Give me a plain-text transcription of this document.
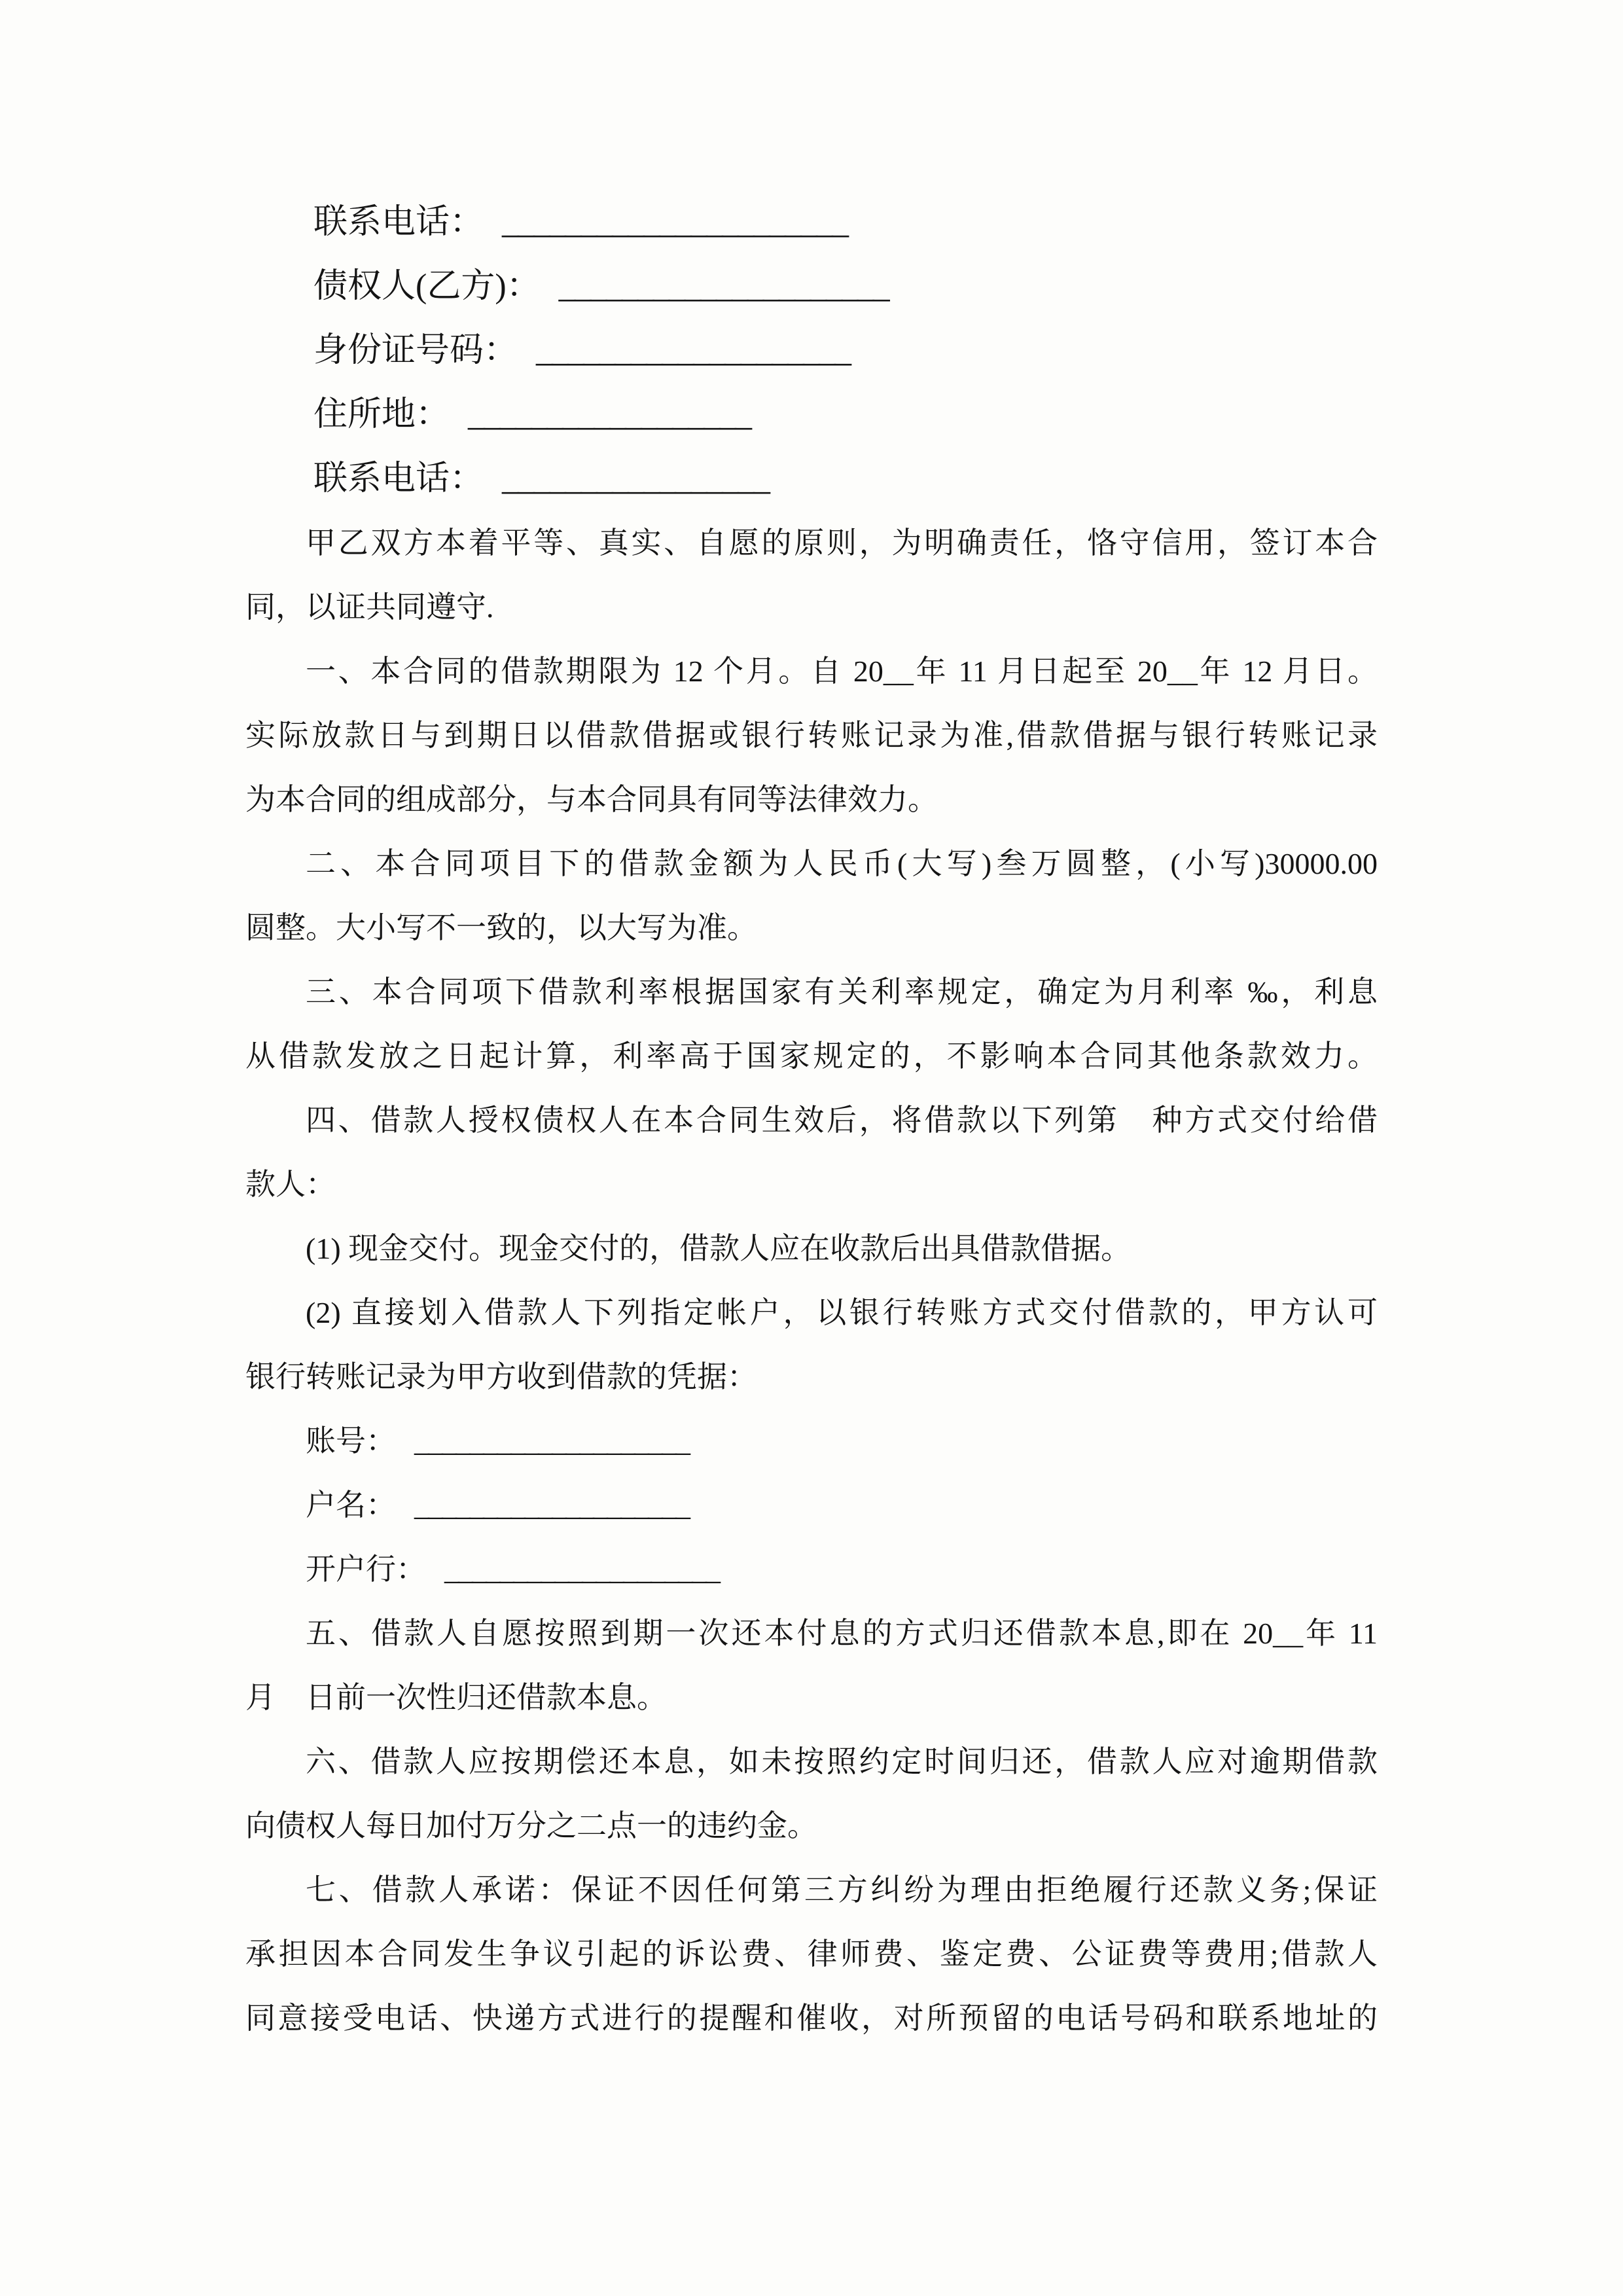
联系电话： ______________________
债权人(乙方)： _____________________
身份证号码： ____________________
住所地： __________________
联系电话： _________________
甲乙双方本着平等、真实、自愿的原则，为明确责任，恪守信用，签订本合
同，以证共同遵守.
一、本合同的借款期限为 12 个月。自 20__年 11 月日起至 20__年 12 月日。
实际放款日与到期日以借款借据或银行转账记录为准,借款借据与银行转账记录
为本合同的组成部分，与本合同具有同等法律效力。
二、本合同项目下的借款金额为人民币(大写)叁万圆整，(小写)30000.00
圆整。大小写不一致的，以大写为准。
三、本合同项下借款利率根据国家有关利率规定，确定为月利率 ‰，利息
从借款发放之日起计算，利率高于国家规定的，不影响本合同其他条款效力。
四、借款人授权债权人在本合同生效后，将借款以下列第　种方式交付给借
款人：
(1) 现金交付。现金交付的，借款人应在收款后出具借款借据。
(2) 直接划入借款人下列指定帐户，以银行转账方式交付借款的，甲方认可
银行转账记录为甲方收到借款的凭据：
账号： ____________________
户名： ____________________
开户行： ____________________
五、借款人自愿按照到期一次还本付息的方式归还借款本息,即在 20__年 11
月　日前一次性归还借款本息。
六、借款人应按期偿还本息，如未按照约定时间归还，借款人应对逾期借款
向债权人每日加付万分之二点一的违约金。
七、借款人承诺：保证不因任何第三方纠纷为理由拒绝履行还款义务;保证
承担因本合同发生争议引起的诉讼费、律师费、鉴定费、公证费等费用;借款人
同意接受电话、快递方式进行的提醒和催收，对所预留的电话号码和联系地址的
